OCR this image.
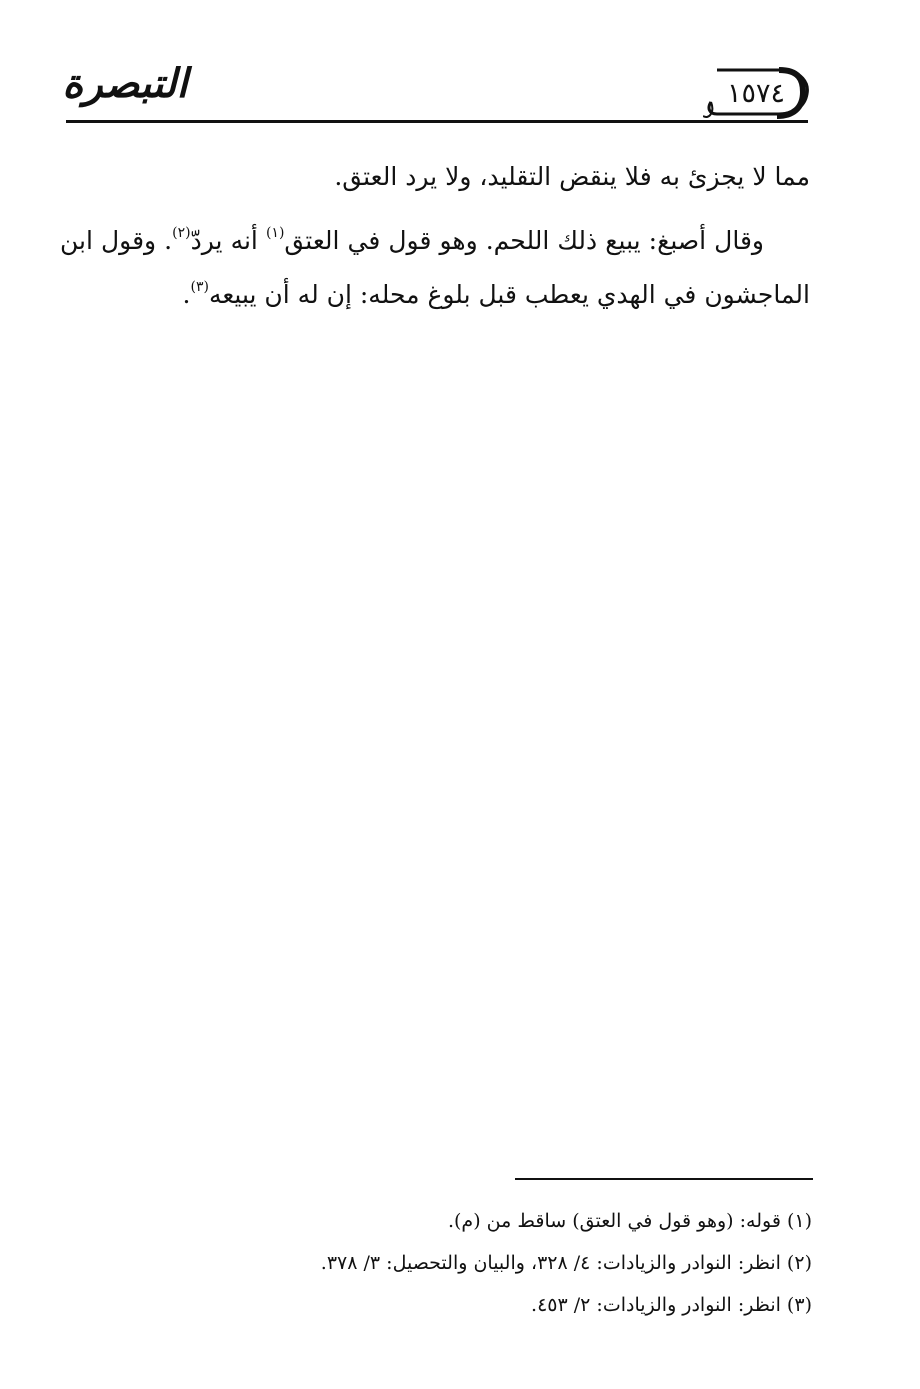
التبصرة	١٥٧٤

مما لا يجزئ به فلا ينقض التقليد، ولا يرد العتق.

وقال أصبغ: يبيع ذلك اللحم. وهو قول في العتق$^{(١)}$ أنه يردّ$^{(٢)}$. وقول ابن الماجشون في الهدي يعطب قبل بلوغ محله: إن له أن يبيعه$^{(٣)}$.

(١) قوله: (وهو قول في العتق) ساقط من (م).
(٢) انظر: النوادر والزيادات: ٤/ ٣٢٨، والبيان والتحصيل: ٣/ ٣٧٨.
(٣) انظر: النوادر والزيادات: ٢/ ٤٥٣.
